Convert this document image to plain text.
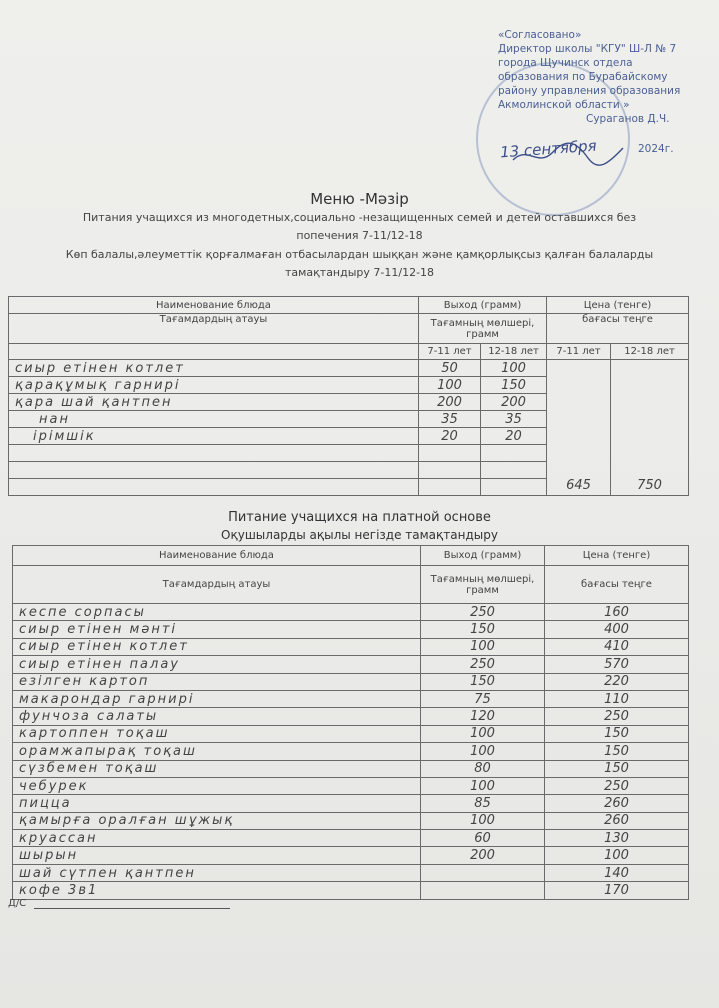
«Согласовано»
Директор школы "КГУ" Ш-Л № 7
города Щучинск отдела
образования по Бурабайскому
району управления образования
Акмолинской области »
Сураганов Д.Ч.
13 сентября	2024г.
Меню -Мәзір
Питания учащихся из многодетных,социально -незащищенных семей и детей оставшихся без
попечения 7-11/12-18
Көп балалы,әлеуметтік қорғалмаған отбасылардан шыққан және қамқорлықсыз қалған балаларды
тамақтандыру 7-11/12-18
Наименование блюда	Выход (грамм)		Цена (тенге)	
Тағамдардың атауы	Тағамның мөлшері, грамм		бағасы теңге	
	7-11 лет	12-18 лет	7-11 лет	12-18 лет
сиыр етінен котлет	50	100	645	750
қарақұмық гарнирі	100	150		
қара шай қантпен	200	200		
нан	35	35		
ірімшік	20	20		

Питание учащихся на платной основе
Оқушыларды ақылы негізде тамақтандыру
Наименование блюда	Выход (грамм)	Цена (тенге)
Тағамдардың атауы	Тағамның мөлшері, грамм	бағасы теңге
кеспе сорпасы	250	160
сиыр етінен мәнті	150	400
сиыр етінен котлет	100	410
сиыр етінен палау	250	570
езілген картоп	150	220
макарондар гарнирі	75	110
фунчоза салаты	120	250
картоппен тоқаш	100	150
орамжапырақ тоқаш	100	150
сүзбемен тоқаш	80	150
чебурек	100	250
пицца	85	260
қамырға оралған шұжық	100	260
круассан	60	130
шырын	200	100
шай сүтпен қантпен		140
кофе 3в1		170
Д/С
